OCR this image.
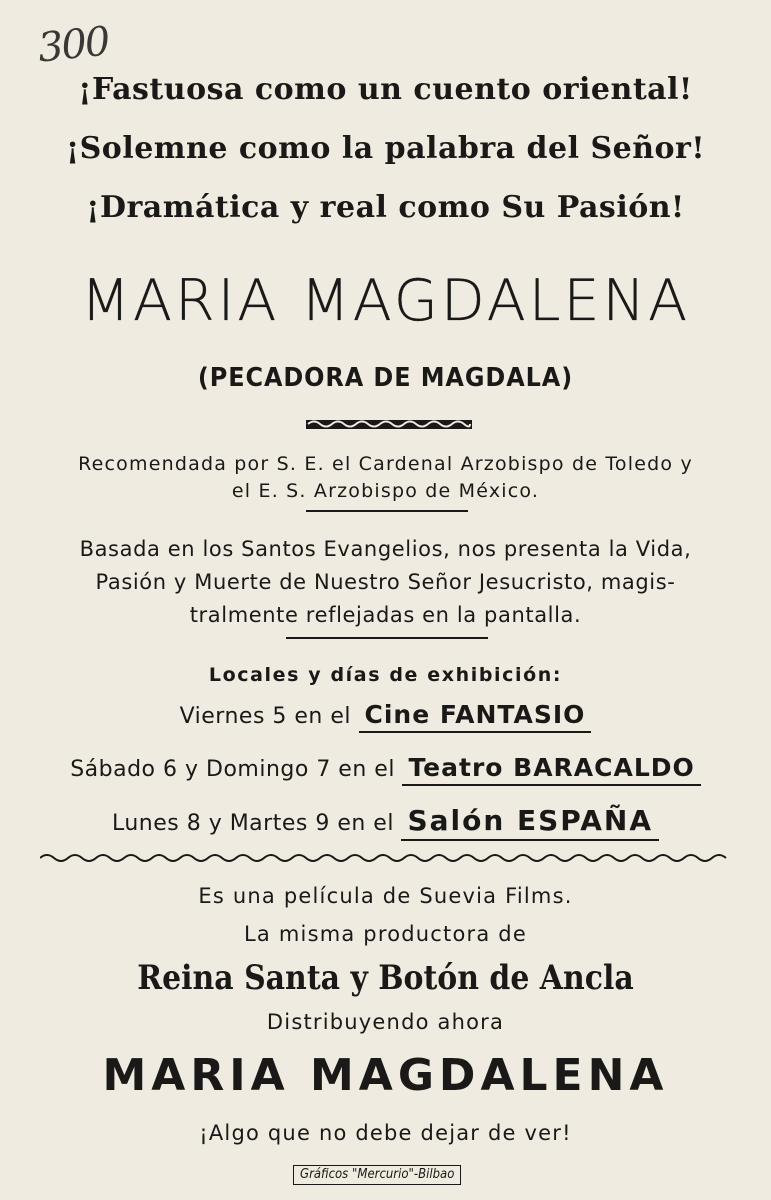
300
¡Fastuosa como un cuento oriental!
¡Solemne como la palabra del Señor!
¡Dramática y real como Su Pasión!
MARIA MAGDALENA
(PECADORA DE MAGDALA)
Recomendada por S. E. el Cardenal Arzobispo de Toledo y
el E. S. Arzobispo de México.
Basada en los Santos Evangelios, nos presenta la Vida,
Pasión y Muerte de Nuestro Señor Jesucristo, magis-
tralmente reflejadas en la pantalla.
Locales y días de exhibición:
Viernes 5 en el Cine FANTASIO
Sábado 6 y Domingo 7 en el Teatro BARACALDO
Lunes 8 y Martes 9 en el Salón ESPAÑA
Es una película de Suevia Films.
La misma productora de
Reina Santa y Botón de Ancla
Distribuyendo ahora
MARIA MAGDALENA
¡Algo que no debe dejar de ver!
Gráficos "Mercurio"-Bilbao
